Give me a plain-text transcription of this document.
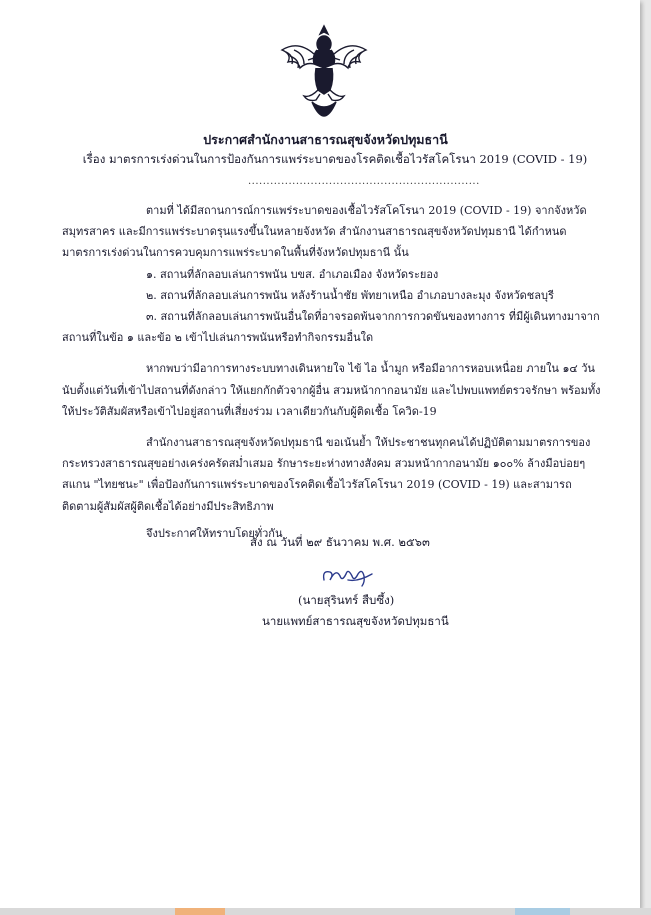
ประกาศสำนักงานสาธารณสุขจังหวัดปทุมธานี
เรื่อง มาตรการเร่งด่วนในการป้องกันการแพร่ระบาดของโรคติดเชื้อไวรัสโคโรนา 2019 (COVID - 19)
...............................................................

ตามที่ ได้มีสถานการณ์การแพร่ระบาดของเชื้อไวรัสโคโรนา 2019 (COVID - 19) จากจังหวัดสมุทรสาคร และมีการแพร่ระบาดรุนแรงขึ้นในหลายจังหวัด สำนักงานสาธารณสุขจังหวัดปทุมธานี ได้กำหนดมาตรการเร่งด่วนในการควบคุมการแพร่ระบาดในพื้นที่จังหวัดปทุมธานี นั้น

๑. สถานที่ลักลอบเล่นการพนัน บขส. อำเภอเมือง จังหวัดระยอง

๒. สถานที่ลักลอบเล่นการพนัน หลังร้านน้ำชัย พัทยาเหนือ อำเภอบางละมุง จังหวัดชลบุรี

๓. สถานที่ลักลอบเล่นการพนันอื่นใดที่อาจรอดพ้นจากการกวดขันของทางการ ที่มีผู้เดินทางมาจากสถานที่ในข้อ ๑ และข้อ ๒ เข้าไปเล่นการพนันหรือทำกิจกรรมอื่นใด

หากพบว่ามีอาการทางระบบทางเดินหายใจ ไข้ ไอ น้ำมูก หรือมีอาการหอบเหนื่อย ภายใน ๑๔ วัน นับตั้งแต่วันที่เข้าไปสถานที่ดังกล่าว ให้แยกกักตัวจากผู้อื่น สวมหน้ากากอนามัย และไปพบแพทย์ตรวจรักษา พร้อมทั้งให้ประวัติสัมผัสหรือเข้าไปอยู่สถานที่เสี่ยงร่วม เวลาเดียวกันกับผู้ติดเชื้อ โควิด-19

สำนักงานสาธารณสุขจังหวัดปทุมธานี ขอเน้นย้ำ ให้ประชาชนทุกคนได้ปฏิบัติตามมาตรการของกระทรวงสาธารณสุขอย่างเคร่งครัดสม่ำเสมอ รักษาระยะห่างทางสังคม สวมหน้ากากอนามัย ๑๐๐% ล้างมือบ่อยๆ สแกน "ไทยชนะ" เพื่อป้องกันการแพร่ระบาดของโรคติดเชื้อไวรัสโคโรนา 2019 (COVID - 19) และสามารถติดตามผู้สัมผัสผู้ติดเชื้อได้อย่างมีประสิทธิภาพ

จึงประกาศให้ทราบโดยทั่วกัน

สั่ง ณ วันที่ ๒๙ ธันวาคม พ.ศ. ๒๕๖๓
(นายสุรินทร์ สืบซึ้ง)
นายแพทย์สาธารณสุขจังหวัดปทุมธานี
